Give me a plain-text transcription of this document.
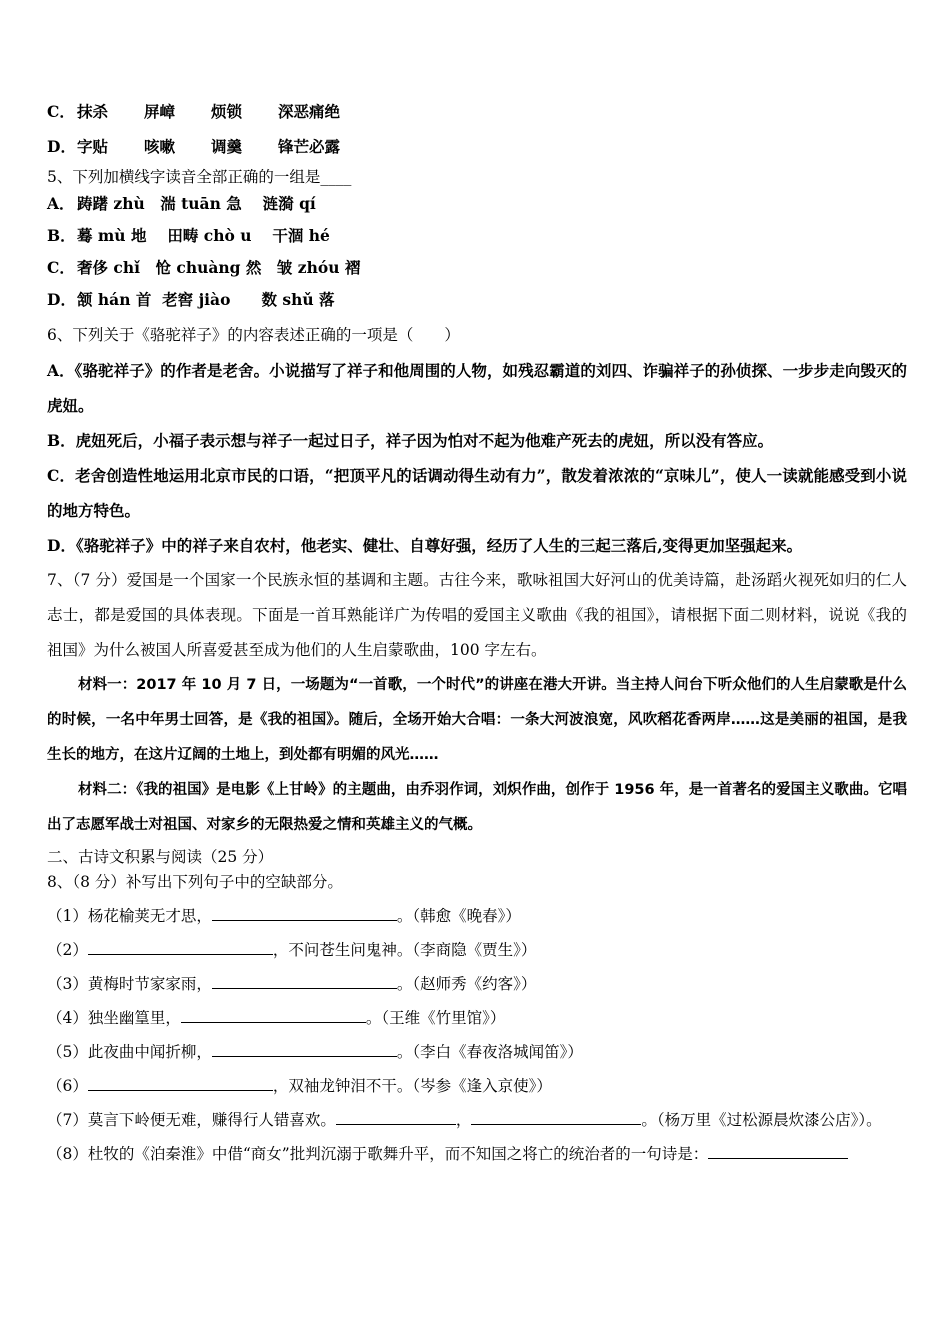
C． 抹杀	屏嶂	烦锁	深恶痛绝
D． 字贴	咳嗽	调羹	锋芒必露

5、下列加横线字读音全部正确的一组是____

A． 踌躇 zhù　湍 tuān 急　 涟漪 qí
B． 蓦 mù 地　 田畴 chò u　 干涸 hé
C． 奢侈 chǐ　怆 chuàng 然　皱 zhóu 褶
D． 颔 hán 首  老窖 jiào　　数 shǔ 落

6、下列关于《骆驼祥子》的内容表述正确的一项是（　　）

A．《骆驼祥子》的作者是老舍。小说描写了祥子和他周围的人物，如残忍霸道的刘四、诈骗祥子的孙侦探、一步步走向毁灭的虎妞。

B．虎妞死后，小福子表示想与祥子一起过日子，祥子因为怕对不起为他难产死去的虎妞，所以没有答应。

C．老舍创造性地运用北京市民的口语，“把顶平凡的话调动得生动有力”，散发着浓浓的“京味儿”，使人一读就能感受到小说的地方特色。

D．《骆驼祥子》中的祥子来自农村，他老实、健壮、自尊好强，经历了人生的三起三落后,变得更加坚强起来。

7、（7 分）爱国是一个国家一个民族永恒的基调和主题。古往今来，歌咏祖国大好河山的优美诗篇，赴汤蹈火视死如归的仁人志士，都是爱国的具体表现。下面是一首耳熟能详广为传唱的爱国主义歌曲《我的祖国》，请根据下面二则材料，说说《我的祖国》为什么被国人所喜爱甚至成为他们的人生启蒙歌曲，100 字左右。

材料一：2017 年 10 月 7 日，一场题为“一首歌，一个时代”的讲座在港大开讲。当主持人问台下听众他们的人生启蒙歌是什么的时候，一名中年男士回答，是《我的祖国》。随后，全场开始大合唱：一条大河波浪宽，风吹稻花香两岸……这是美丽的祖国，是我生长的地方，在这片辽阔的土地上，到处都有明媚的风光……

材料二：《我的祖国》是电影《上甘岭》的主题曲，由乔羽作词，刘炽作曲，创作于 1956 年，是一首著名的爱国主义歌曲。它唱出了志愿军战士对祖国、对家乡的无限热爱之情和英雄主义的气概。

二、古诗文积累与阅读（25 分）

8、（8 分）补写出下列句子中的空缺部分。

（1）杨花榆荚无才思，	。（韩愈《晚春》）

（2）	，不问苍生问鬼神。（李商隐《贾生》）

（3）黄梅时节家家雨，	。（赵师秀《约客》）

（4）独坐幽篁里，	。（王维《竹里馆》）

（5）此夜曲中闻折柳，	。（李白《春夜洛城闻笛》）

（6）	，双袖龙钟泪不干。（岑参《逢入京使》）

（7）莫言下岭便无难，赚得行人错喜欢。	，	。（杨万里《过松源晨炊漆公店》）。

（8）杜牧的《泊秦淮》中借“商女”批判沉溺于歌舞升平，而不知国之将亡的统治者的一句诗是：
